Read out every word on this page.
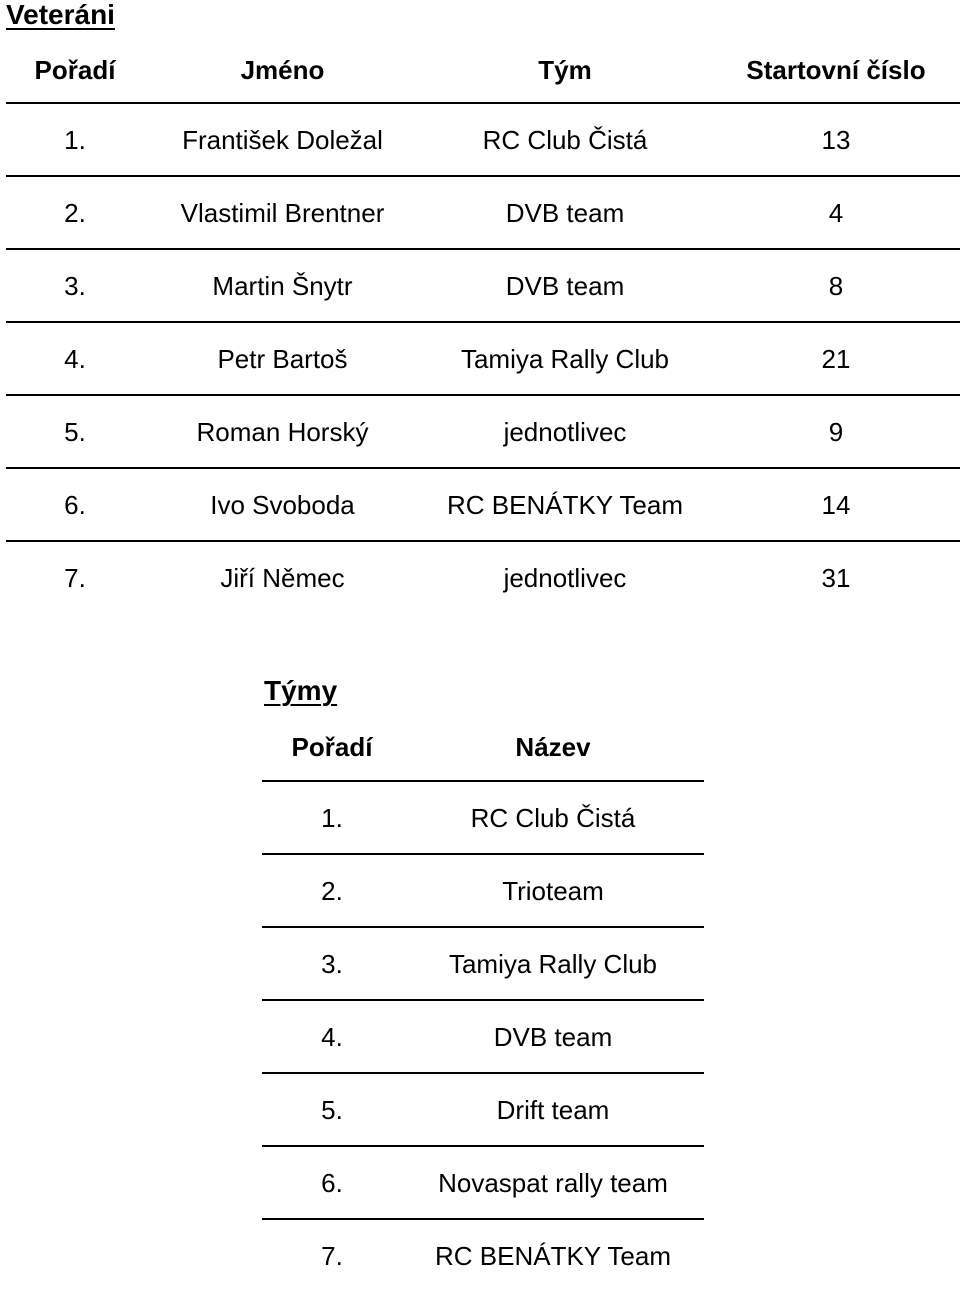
Veteráni
Pořadí	Jméno	Tým	Startovní číslo
1.	František Doležal	RC Club Čistá	13
2.	Vlastimil Brentner	DVB team	4
3.	Martin Šnytr	DVB team	8
4.	Petr Bartoš	Tamiya Rally Club	21
5.	Roman Horský	jednotlivec	9
6.	Ivo Svoboda	RC BENÁTKY Team	14
7.	Jiří Němec	jednotlivec	31
Týmy
Pořadí	Název
1.	RC Club Čistá
2.	Trioteam
3.	Tamiya Rally Club
4.	DVB team
5.	Drift team
6.	Novaspat rally team
7.	RC BENÁTKY Team
